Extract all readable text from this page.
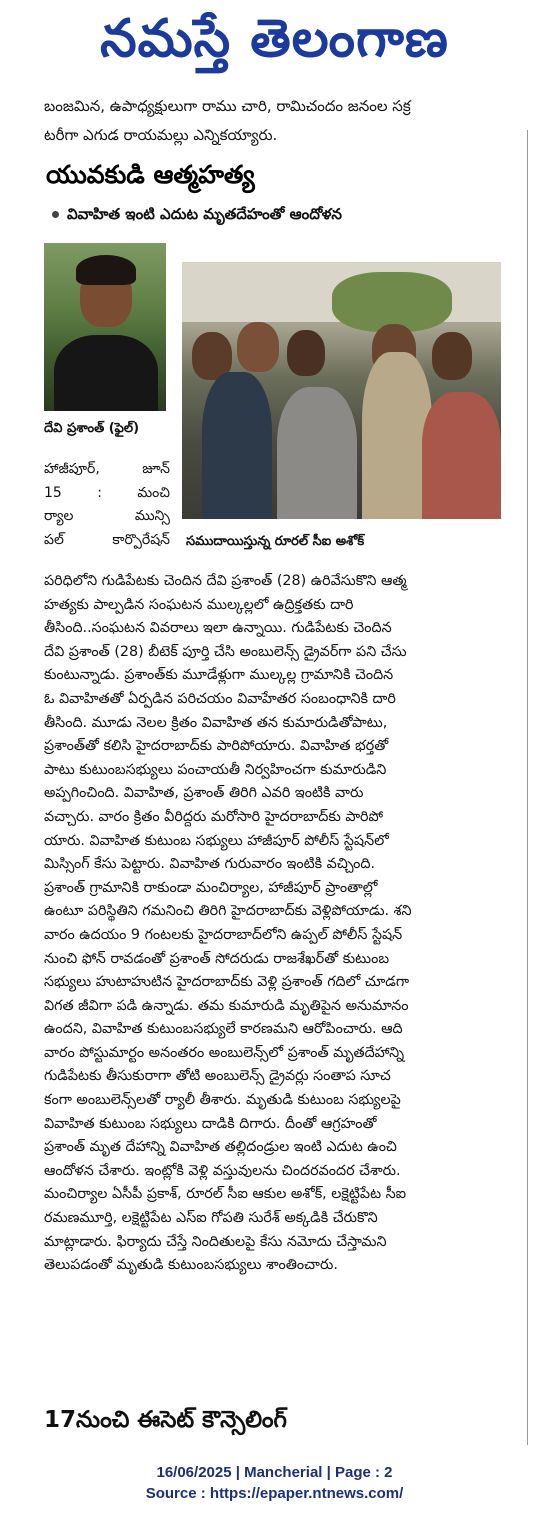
నమస్తే తెలంగాణ
బంజమిన, ఉపాధ్యక్షులుగా రాము చారి, రామిచందం జనంల సక్ర
టరీగా ఎగుడ రాయమల్లు ఎన్నికయ్యారు.
యువకుడి ఆత్మహత్య
వివాహిత ఇంటి ఎదుట మృతదేహంతో ఆందోళన
దేవి ప్రశాంత్ (ఫైల్)
హాజీపూర్, జూన్
15 : మంచి
ర్యాల మున్సి
పల్ కార్పొరేషన్ సముదాయిస్తున్న రూరల్ సీఐ అశోక్
పరిధిలోని గుడిపేటకు చెందిన దేవి ప్రశాంత్ (28) ఉరివేసుకొని ఆత్మ
హత్యకు పాల్పడిన సంఘటన ముల్కల్లలో ఉద్రిక్తతకు దారి
తీసింది..సంఘటన వివరాలు ఇలా ఉన్నాయి. గుడిపేటకు చెందిన
దేవి ప్రశాంత్ (28) బీటెక్ పూర్తి చేసి అంబులెన్స్ డ్రైవర్‌గా పని చేసు
కుంటున్నాడు. ప్రశాంత్‌కు మూడేళ్లుగా ముల్కల్ల గ్రామానికి చెందిన
ఓ వివాహితతో ఏర్పడిన పరిచయం వివాహేతర సంబంధానికి దారి
తీసింది. మూడు నెలల క్రితం వివాహిత తన కుమారుడితోపాటు,
ప్రశాంత్‌తో కలిసి హైదరాబాద్‌కు పారిపోయారు. వివాహిత భర్తతో
పాటు కుటుంబసభ్యులు పంచాయతీ నిర్వహించగా కుమారుడిని
అప్పగించింది. వివాహిత, ప్రశాంత్ తిరిగి ఎవరి ఇంటికి వారు
వచ్చారు. వారం క్రితం వీరిద్దరు మరోసారి హైదరాబాద్‌కు పారిపో
యారు. వివాహిత కుటుంబ సభ్యులు హాజీపూర్ పోలీస్ స్టేషన్‌లో
మిస్సింగ్ కేసు పెట్టారు. వివాహిత గురువారం ఇంటికి వచ్చింది.
ప్రశాంత్ గ్రామానికి రాకుండా మంచిర్యాల, హాజీపూర్ ప్రాంతాల్లో
ఉంటూ పరిస్థితిని గమనించి తిరిగి హైదరాబాద్‌కు వెళ్లిపోయాడు. శని
వారం ఉదయం 9 గంటలకు హైదరాబాద్‌లోని ఉప్పల్ పోలీస్ స్టేషన్
నుంచి ఫోన్ రావడంతో ప్రశాంత్ సోదరుడు రాజశేఖర్‌తో కుటుంబ
సభ్యులు హుటాహుటిన హైదరాబాద్‌కు వెళ్లి ప్రశాంత్ గదిలో చూడగా
విగత జీవిగా పడి ఉన్నాడు. తమ కుమారుడి మృతిపైన అనుమానం
ఉందని, వివాహిత కుటుంబసభ్యులే కారణమని ఆరోపించారు. ఆది
వారం పోస్టుమార్టం అనంతరం అంబులెన్స్‌లో ప్రశాంత్ మృతదేహాన్ని
గుడిపేటకు తీసుకురాగా తోటి అంబులెన్స్ డ్రైవర్లు సంతాప సూచ
కంగా అంబులెన్స్‌లతో ర్యాలీ తీశారు. మృతుడి కుటుంబ సభ్యులపై
వివాహిత కుటుంబ సభ్యులు దాడికి దిగారు. దీంతో ఆగ్రహంతో
ప్రశాంత్ మృత దేహాన్ని వివాహిత తల్లిదండ్రుల ఇంటి ఎదుట ఉంచి
ఆందోళన చేశారు. ఇంట్లోకి వెళ్లి వస్తువులను చిందరవందర చేశారు.
మంచిర్యాల ఏసీపీ ప్రకాశ్, రూరల్ సీఐ ఆకుల అశోక్, లక్షెట్టిపేట సీఐ
రమణమూర్తి, లక్షెట్టిపేట ఎస్ఐ గోపతి సురేశ్ అక్కడికి చేరుకొని
మాట్లాడారు. ఫిర్యాదు చేస్తే నిందితులపై కేసు నమోదు చేస్తామని
తెలుపడంతో మృతుడి కుటుంబసభ్యులు శాంతించారు.
17నుంచి ఈసెట్ కౌన్సెలింగ్
16/06/2025 | Mancherial | Page : 2
Source : https://epaper.ntnews.com/
